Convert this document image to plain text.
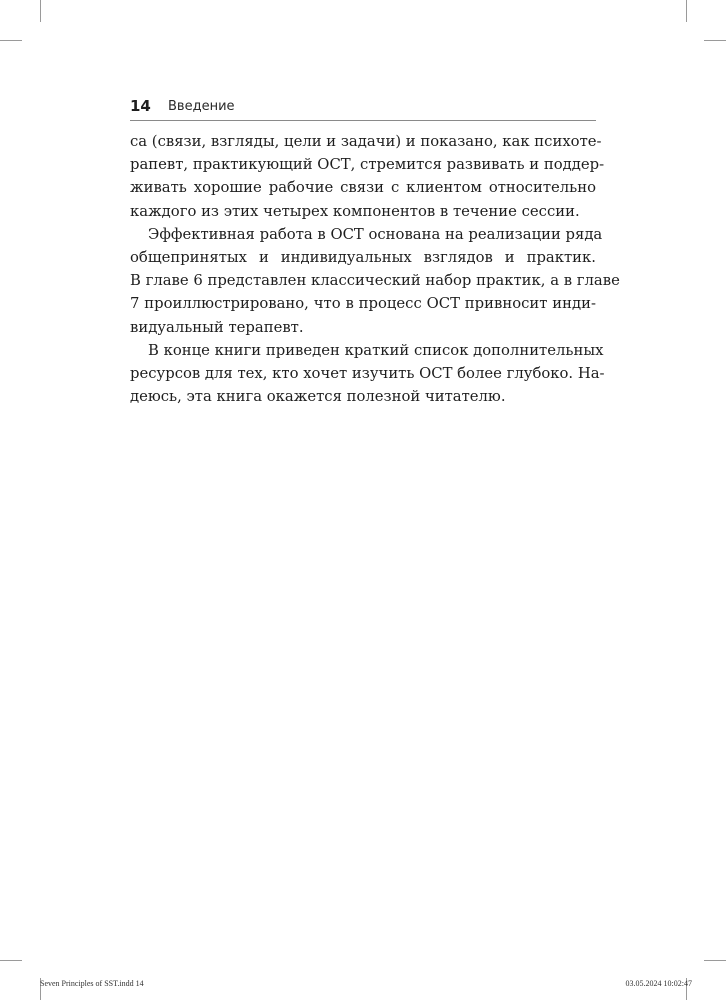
14 Введение
са (связи, взгляды, цели и задачи) и показано, как психоте-
рапевт, практикующий ОСТ, стремится развивать и поддер-
живать хорошие рабочие связи с клиентом относительно
каждого из этих четырех компонентов в течение сессии.
Эффективная работа в ОСТ основана на реализации ряда
общепринятых и индивидуальных взглядов и практик.
В главе 6 представлен классический набор практик, а в главе
7 проиллюстрировано, что в процесс ОСТ привносит инди-
видуальный терапевт.
В конце книги приведен краткий список дополнительных
ресурсов для тех, кто хочет изучить ОСТ более глубоко. На-
деюсь, эта книга окажется полезной читателю.
Seven Principles of SST.indd 14	03.05.2024 10:02:47
